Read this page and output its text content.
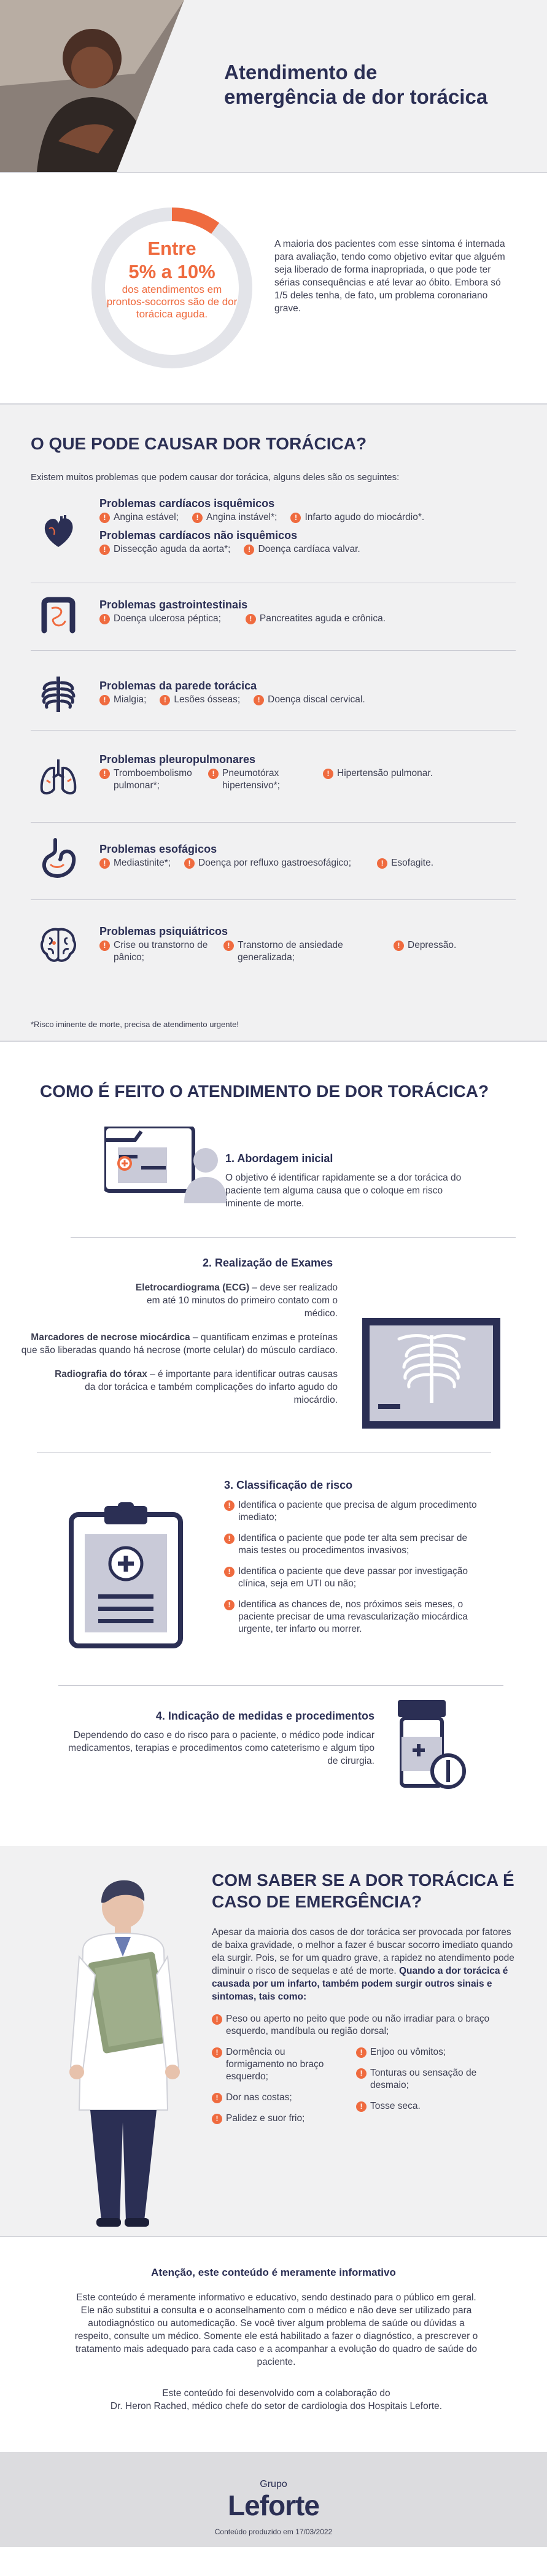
Atendimento de
emergência de dor torácica
Entre
5% a 10%
dos atendimentos em prontos-socorros são de dor torácica aguda.

A maioria dos pacientes com esse sintoma é internada para avaliação, tendo como objetivo evitar que alguém seja liberado de forma inapropriada, o que pode ter sérias consequências e até levar ao óbito. Embora só 1/5 deles tenha, de fato, um problema coronariano grave.

O QUE PODE CAUSAR DOR TORÁCICA?

Existem muitos problemas que podem causar dor torácica, alguns deles são os seguintes:

Problemas cardíacos isquêmicos
! Angina estável;	! Angina instável*;	! Infarto agudo do miocárdio*.
Problemas cardíacos não isquêmicos
! Dissecção aguda da aorta*;	! Doença cardíaca valvar.
Problemas gastrointestinais
! Doença ulcerosa péptica;	! Pancreatites aguda e crônica.
Problemas da parede torácica
! Mialgia;	! Lesões ósseas;	! Doença discal cervical.
Problemas pleuropulmonares
! Tromboembolismo pulmonar*;
! Pneumotórax hipertensivo*;
! Hipertensão pulmonar.
Problemas esofágicos
! Mediastinite*;	! Doença por refluxo gastroesofágico;	! Esofagite.
Problemas psiquiátricos
! Crise ou transtorno de pânico;
! Transtorno de ansiedade generalizada;
! Depressão.

*Risco iminente de morte, precisa de atendimento urgente!

COMO É FEITO O ATENDIMENTO DE DOR TORÁCICA?
1. Abordagem inicial

O objetivo é identificar rapidamente se a dor torácica do paciente tem alguma causa que o coloque em risco iminente de morte.

2. Realização de Exames

Eletrocardiograma (ECG) – deve ser realizado em até 10 minutos do primeiro contato com o médico.

Marcadores de necrose miocárdica – quantificam enzimas e proteínas que são liberadas quando há necrose (morte celular) do músculo cardíaco.

Radiografia do tórax – é importante para identificar outras causas da dor torácica e também complicações do infarto agudo do miocárdio.

3. Classificação de risco
! Identifica o paciente que precisa de algum procedimento imediato;
! Identifica o paciente que pode ter alta sem precisar de mais testes ou procedimentos invasivos;
! Identifica o paciente que deve passar por investigação clínica, seja em UTI ou não;
! Identifica as chances de, nos próximos seis meses, o paciente precisar de uma revascularização miocárdica urgente, ter infarto ou morrer.
4. Indicação de medidas e procedimentos

Dependendo do caso e do risco para o paciente, o médico pode indicar medicamentos, terapias e procedimentos como cateterismo e algum tipo de cirurgia.

COM SABER SE A DOR TORÁCICA É CASO DE EMERGÊNCIA?

Apesar da maioria dos casos de dor torácica ser provocada por fatores de baixa gravidade, o melhor a fazer é buscar socorro imediato quando ela surgir. Pois, se for um quadro grave, a rapidez no atendimento pode diminuir o risco de sequelas e até de morte. Quando a dor torácica é causada por um infarto, também podem surgir outros sinais e sintomas, tais como:

! Peso ou aperto no peito que pode ou não irradiar para o braço esquerdo, mandíbula ou região dorsal;
! Dormência ou formigamento no braço esquerdo;
! Dor nas costas;
! Palidez e suor frio;
! Enjoo ou vômitos;
! Tonturas ou sensação de desmaio;
! Tosse seca.
Atenção, este conteúdo é meramente informativo

Este conteúdo é meramente informativo e educativo, sendo destinado para o público em geral. Ele não substitui a consulta e o aconselhamento com o médico e não deve ser utilizado para autodiagnóstico ou automedicação. Se você tiver algum problema de saúde ou dúvidas a respeito, consulte um médico. Somente ele está habilitado a fazer o diagnóstico, a prescrever o tratamento mais adequado para cada caso e a acompanhar a evolução do quadro de saúde do paciente.

Este conteúdo foi desenvolvido com a colaboração do
Dr. Heron Rached, médico chefe do setor de cardiologia dos Hospitais Leforte.

Grupo
Leforte
Conteúdo produzido em 17/03/2022
